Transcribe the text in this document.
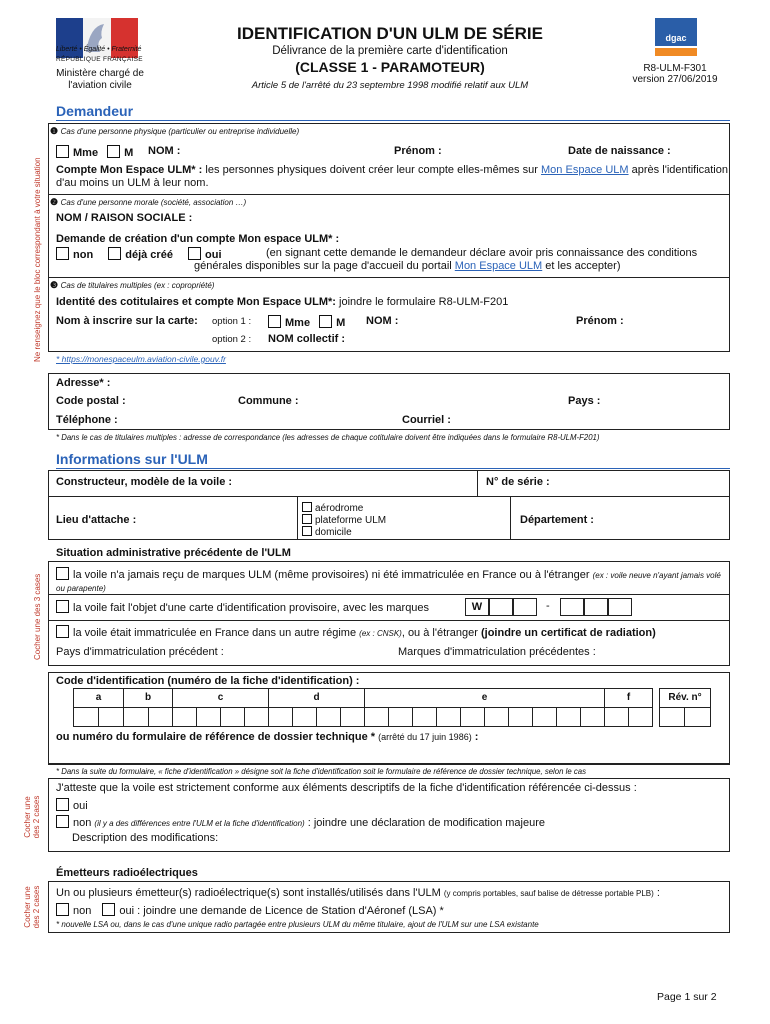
Liberté • Égalité • Fraternité
RÉPUBLIQUE FRANÇAISE
Ministère chargé de l'aviation civile
IDENTIFICATION D'UN ULM DE SÉRIE
Délivrance de la première carte d'identification
(CLASSE 1 - PARAMOTEUR)
Article 5 de l'arrêté du 23 septembre 1998 modifié relatif aux ULM
dgac
R8-ULM-F301
version 27/06/2019
Demandeur
Ne renseignez que le bloc correspondant à votre situation
❶ Cas d'une personne physique (particulier ou entreprise individuelle)
Mme M NOM :	Prénom :	Date de naissance :
Compte Mon Espace ULM* : les personnes physiques doivent créer leur compte elles-mêmes sur Mon Espace ULM après l'identification d'au moins un ULM à leur nom.
❷ Cas d'une personne morale (société, association …)
NOM / RAISON SOCIALE :
Demande de création d'un compte Mon espace ULM* :
non	déjà créé	oui	(en signant cette demande le demandeur déclare avoir pris connaissance des conditions
générales disponibles sur la page d'accueil du portail Mon Espace ULM et les accepter)
❸ Cas de titulaires multiples (ex : copropriété)
Identité des cotitulaires et compte Mon Espace ULM*: joindre le formulaire R8-ULM-F201
Nom à inscrire sur la carte: option 1 :	Mme M NOM :	Prénom :
option 2 : NOM collectif :
* https://monespaceulm.aviation-civile.gouv.fr
Adresse* :
Code postal :	Commune :	Pays :
Téléphone :	Courriel :
* Dans le cas de titulaires multiples : adresse de correspondance (les adresses de chaque cotitulaire doivent être indiquées dans le formulaire R8-ULM-F201)
Informations sur l'ULM
Constructeur, modèle de la voile :	N° de série :
Lieu d'attache :
aérodrome
plateforme ULM
domicile
Département :
Situation administrative précédente de l'ULM
Cocher une des 3 cases	la voile n'a jamais reçu de marques ULM (même provisoires) ni été immatriculée en France ou à l'étranger (ex : voile neuve n'ayant jamais volé ou parapente)
la voile fait l'objet d'une carte d'identification provisoire, avec les marques	W	-
la voile était immatriculée en France dans un autre régime (ex : CNSK), ou à l'étranger (joindre un certificat de radiation)
Pays d'immatriculation précédent :	Marques d'immatriculation précédentes :
Code d'identification (numéro de la fiche d'identification) :
a	b	c	d	e	f	Rév. n°
ou numéro du formulaire de référence de dossier technique * (arrêté du 17 juin 1986) :
* Dans la suite du formulaire, « fiche d'identification » désigne soit la fiche d'identification soit le formulaire de référence de dossier technique, selon le cas
Cocher une des 2 cases
J'atteste que la voile est strictement conforme aux éléments descriptifs de la fiche d'identification référencée ci-dessus :
oui
non (il y a des différences entre l'ULM et la fiche d'identification) : joindre une déclaration de modification majeure
Description des modifications:
Émetteurs radioélectriques
Cocher une des 2 cases Un ou plusieurs émetteur(s) radioélectrique(s) sont installés/utilisés dans l'ULM (y compris portables, sauf balise de détresse portable PLB) :
non	oui : joindre une demande de Licence de Station d'Aéronef (LSA) *
* nouvelle LSA ou, dans le cas d'une unique radio partagée entre plusieurs ULM du même titulaire, ajout de l'ULM sur une LSA existante
Page 1 sur 2
